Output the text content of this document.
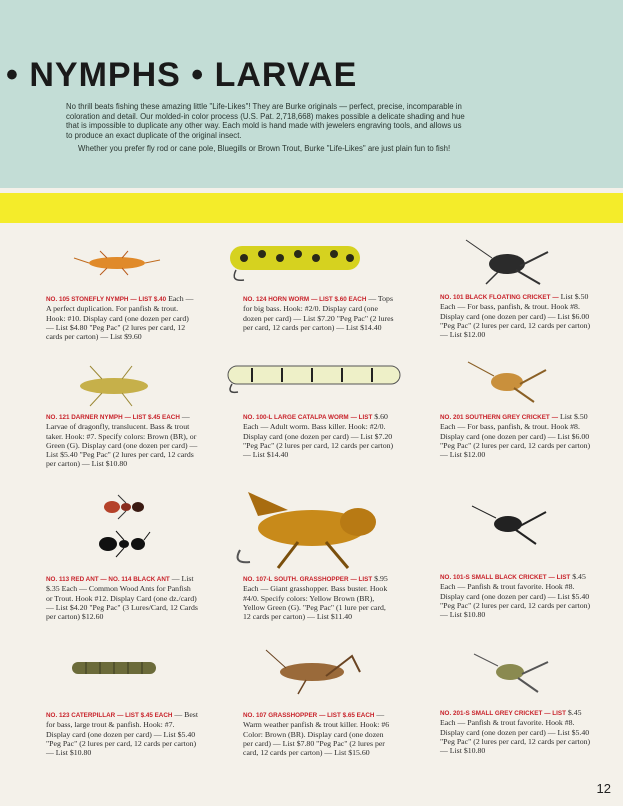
• NYMPHS • LARVAE

No thrill beats fishing these amazing little "Life-Likes"! They are Burke originals — perfect, precise, incomparable in coloration and detail. Our molded-in color process (U.S. Pat. 2,718,668) makes possible a delicate shading and hue that is impossible to duplicate any other way. Each mold is hand made with jewelers engraving tools, and allows us to produce an exact duplicate of the original insect.

Whether you prefer fly rod or cane pole, Bluegills or Brown Trout, Burke "Life-Likes" are just plain fun to fish!

NO. 105 STONEFLY NYMPH — LIST $.40 Each — A perfect duplication. For panfish & trout. Hook: #10. Display card (one dozen per card) — List $4.80 "Peg Pac" (2 lures per card, 12 cards per carton) — List $9.60
NO. 124 HORN WORM — LIST $.60 EACH — Tops for big bass. Hook: #2/0. Display card (one dozen per card) — List $7.20 "Peg Pac" (2 lures per card, 12 cards per carton) — List $14.40
NO. 101 BLACK FLOATING CRICKET — List $.50 Each — For bass, panfish, & trout. Hook #8. Display card (one dozen per card) — List $6.00 "Peg Pac" (2 lures per card, 12 cards per carton) — List $12.00
NO. 121 DARNER NYMPH — LIST $.45 EACH — Larvae of dragonfly, translucent. Bass & trout taker. Hook: #7. Specify colors: Brown (BR), or Green (G). Display card (one dozen per card) — List $5.40 "Peg Pac" (2 lures per card, 12 cards per carton) — List $10.80
NO. 100-L LARGE CATALPA WORM — LIST $.60 Each — Adult worm. Bass killer. Hook: #2/0. Display card (one dozen per card) — List $7.20 "Peg Pac" (2 lures per card, 12 cards per carton) — List $14.40
NO. 201 SOUTHERN GREY CRICKET — List $.50 Each — For bass, panfish, & trout. Hook #8. Display card (one dozen per card) — List $6.00 "Peg Pac" (2 lures per card, 12 cards per carton) — List $12.00
NO. 113 RED ANT — NO. 114 BLACK ANT — List $.35 Each — Common Wood Ants for Panfish or Trout. Hook #12. Display Card (one dz./card) — List $4.20 "Peg Pac" (3 Lures/Card, 12 Cards per carton) $12.60
NO. 107-L SOUTH. GRASSHOPPER — LIST $.95 Each — Giant grasshopper. Bass buster. Hook #4/0. Specify colors: Yellow Brown (BR), Yellow Green (G). "Peg Pac" (1 lure per card, 12 cards per carton) — List $11.40
NO. 101-S SMALL BLACK CRICKET — LIST $.45 Each — Panfish & trout favorite. Hook #8. Display card (one dozen per card) — List $5.40 "Peg Pac" (2 lures per card, 12 cards per carton) — List $10.80
NO. 123 CATERPILLAR — LIST $.45 EACH — Best for bass, large trout & panfish. Hook: #7. Display card (one dozen per card) — List $5.40 "Peg Pac" (2 lures per card, 12 cards per carton) — List $10.80
NO. 107 GRASSHOPPER — LIST $.65 EACH — Warm weather panfish & trout killer. Hook: #6 Color: Brown (BR). Display card (one dozen per card) — List $7.80 "Peg Pac" (2 lures per card, 12 cards per carton) — List $15.60
NO. 201-S SMALL GREY CRICKET — LIST $.45 Each — Panfish & trout favorite. Hook #8. Display card (one dozen per card) — List $5.40 "Peg Pac" (2 lures per card, 12 cards per carton) — List $10.80
12
